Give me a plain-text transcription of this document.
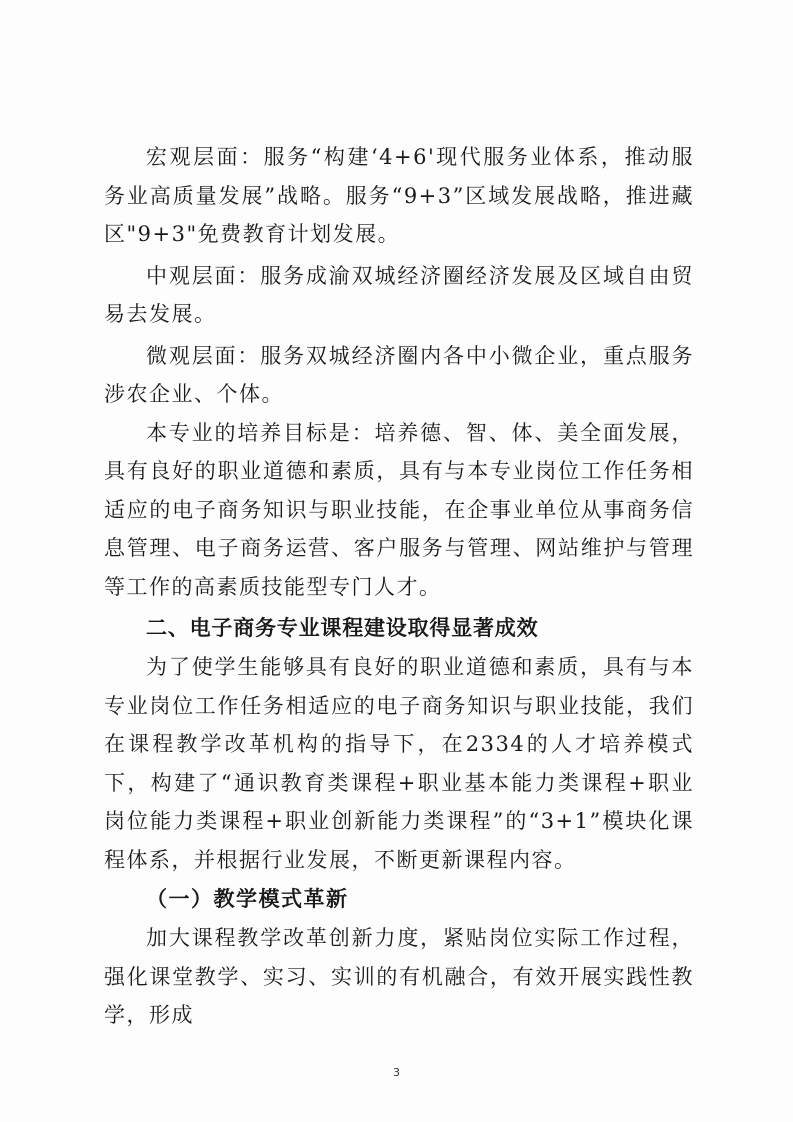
宏观层面：服务“构建‘4+6'现代服务业体系，推动服务业高质量发展”战略。服务“9+3”区域发展战略，推进藏区"9+3"免费教育计划发展。

中观层面：服务成渝双城经济圈经济发展及区域自由贸易去发展。

微观层面：服务双城经济圈内各中小微企业，重点服务涉农企业、个体。

本专业的培养目标是：培养德、智、体、美全面发展，具有良好的职业道德和素质，具有与本专业岗位工作任务相适应的电子商务知识与职业技能，在企事业单位从事商务信息管理、电子商务运营、客户服务与管理、网站维护与管理等工作的高素质技能型专门人才。

二、电子商务专业课程建设取得显著成效

为了使学生能够具有良好的职业道德和素质，具有与本专业岗位工作任务相适应的电子商务知识与职业技能，我们在课程教学改革机构的指导下，在2334的人才培养模式下，构建了“通识教育类课程+职业基本能力类课程+职业岗位能力类课程+职业创新能力类课程”的“3+1”模块化课程体系，并根据行业发展，不断更新课程内容。

（一）教学模式革新

加大课程教学改革创新力度，紧贴岗位实际工作过程，强化课堂教学、实习、实训的有机融合，有效开展实践性教学，形成

3
